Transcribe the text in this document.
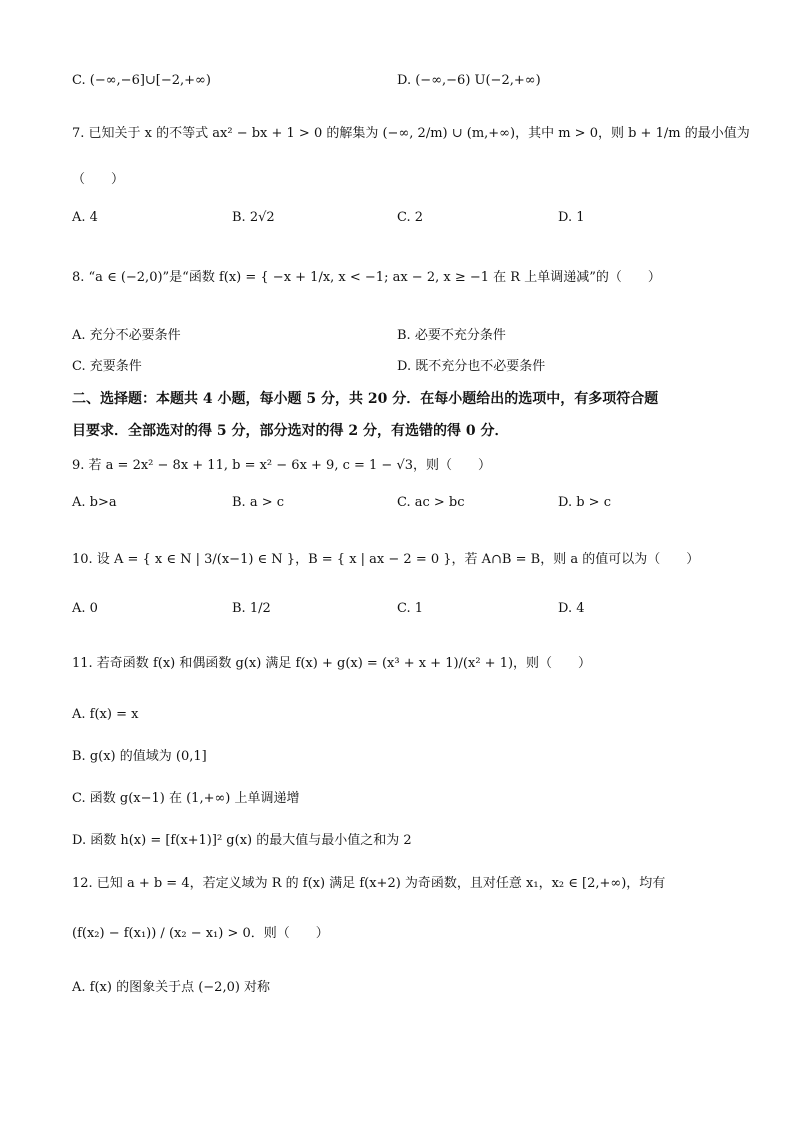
C. (−∞,−6]∪[−2,+∞)	D. (−∞,−6) U(−2,+∞)
7. 已知关于 x 的不等式 ax² − bx + 1 > 0 的解集为 (−∞, 2/m) ∪ (m,+∞)，其中 m > 0，则 b + 1/m 的最小值为
（　　）
A. 4	B. 2√2	C. 2	D. 1
8. “a ∈ (−2,0)”是“函数 f(x) = { −x + 1/x, x < −1; ax − 2, x ≥ −1 在 R 上单调递减”的（　　）
A. 充分不必要条件	B. 必要不充分条件
C. 充要条件	D. 既不充分也不必要条件
二、选择题：本题共 4 小题，每小题 5 分，共 20 分．在每小题给出的选项中，有多项符合题
目要求．全部选对的得 5 分，部分选对的得 2 分，有选错的得 0 分．
9. 若 a = 2x² − 8x + 11, b = x² − 6x + 9, c = 1 − √3，则（　　）
A. b>a	B. a > c	C. ac > bc	D. b > c
10. 设 A = { x ∈ N | 3/(x−1) ∈ N }，B = { x | ax − 2 = 0 }，若 A∩B = B，则 a 的值可以为（　　）
A. 0	B. 1/2	C. 1	D. 4
11. 若奇函数 f(x) 和偶函数 g(x) 满足 f(x) + g(x) = (x³ + x + 1)/(x² + 1)，则（　　）
A. f(x) = x
B. g(x) 的值域为 (0,1]
C. 函数 g(x−1) 在 (1,+∞) 上单调递增
D. 函数 h(x) = [f(x+1)]² g(x) 的最大值与最小值之和为 2
12. 已知 a + b = 4，若定义域为 R 的 f(x) 满足 f(x+2) 为奇函数，且对任意 x₁，x₂ ∈ [2,+∞)，均有
(f(x₂) − f(x₁)) / (x₂ − x₁) > 0．则（　　）
A. f(x) 的图象关于点 (−2,0) 对称
